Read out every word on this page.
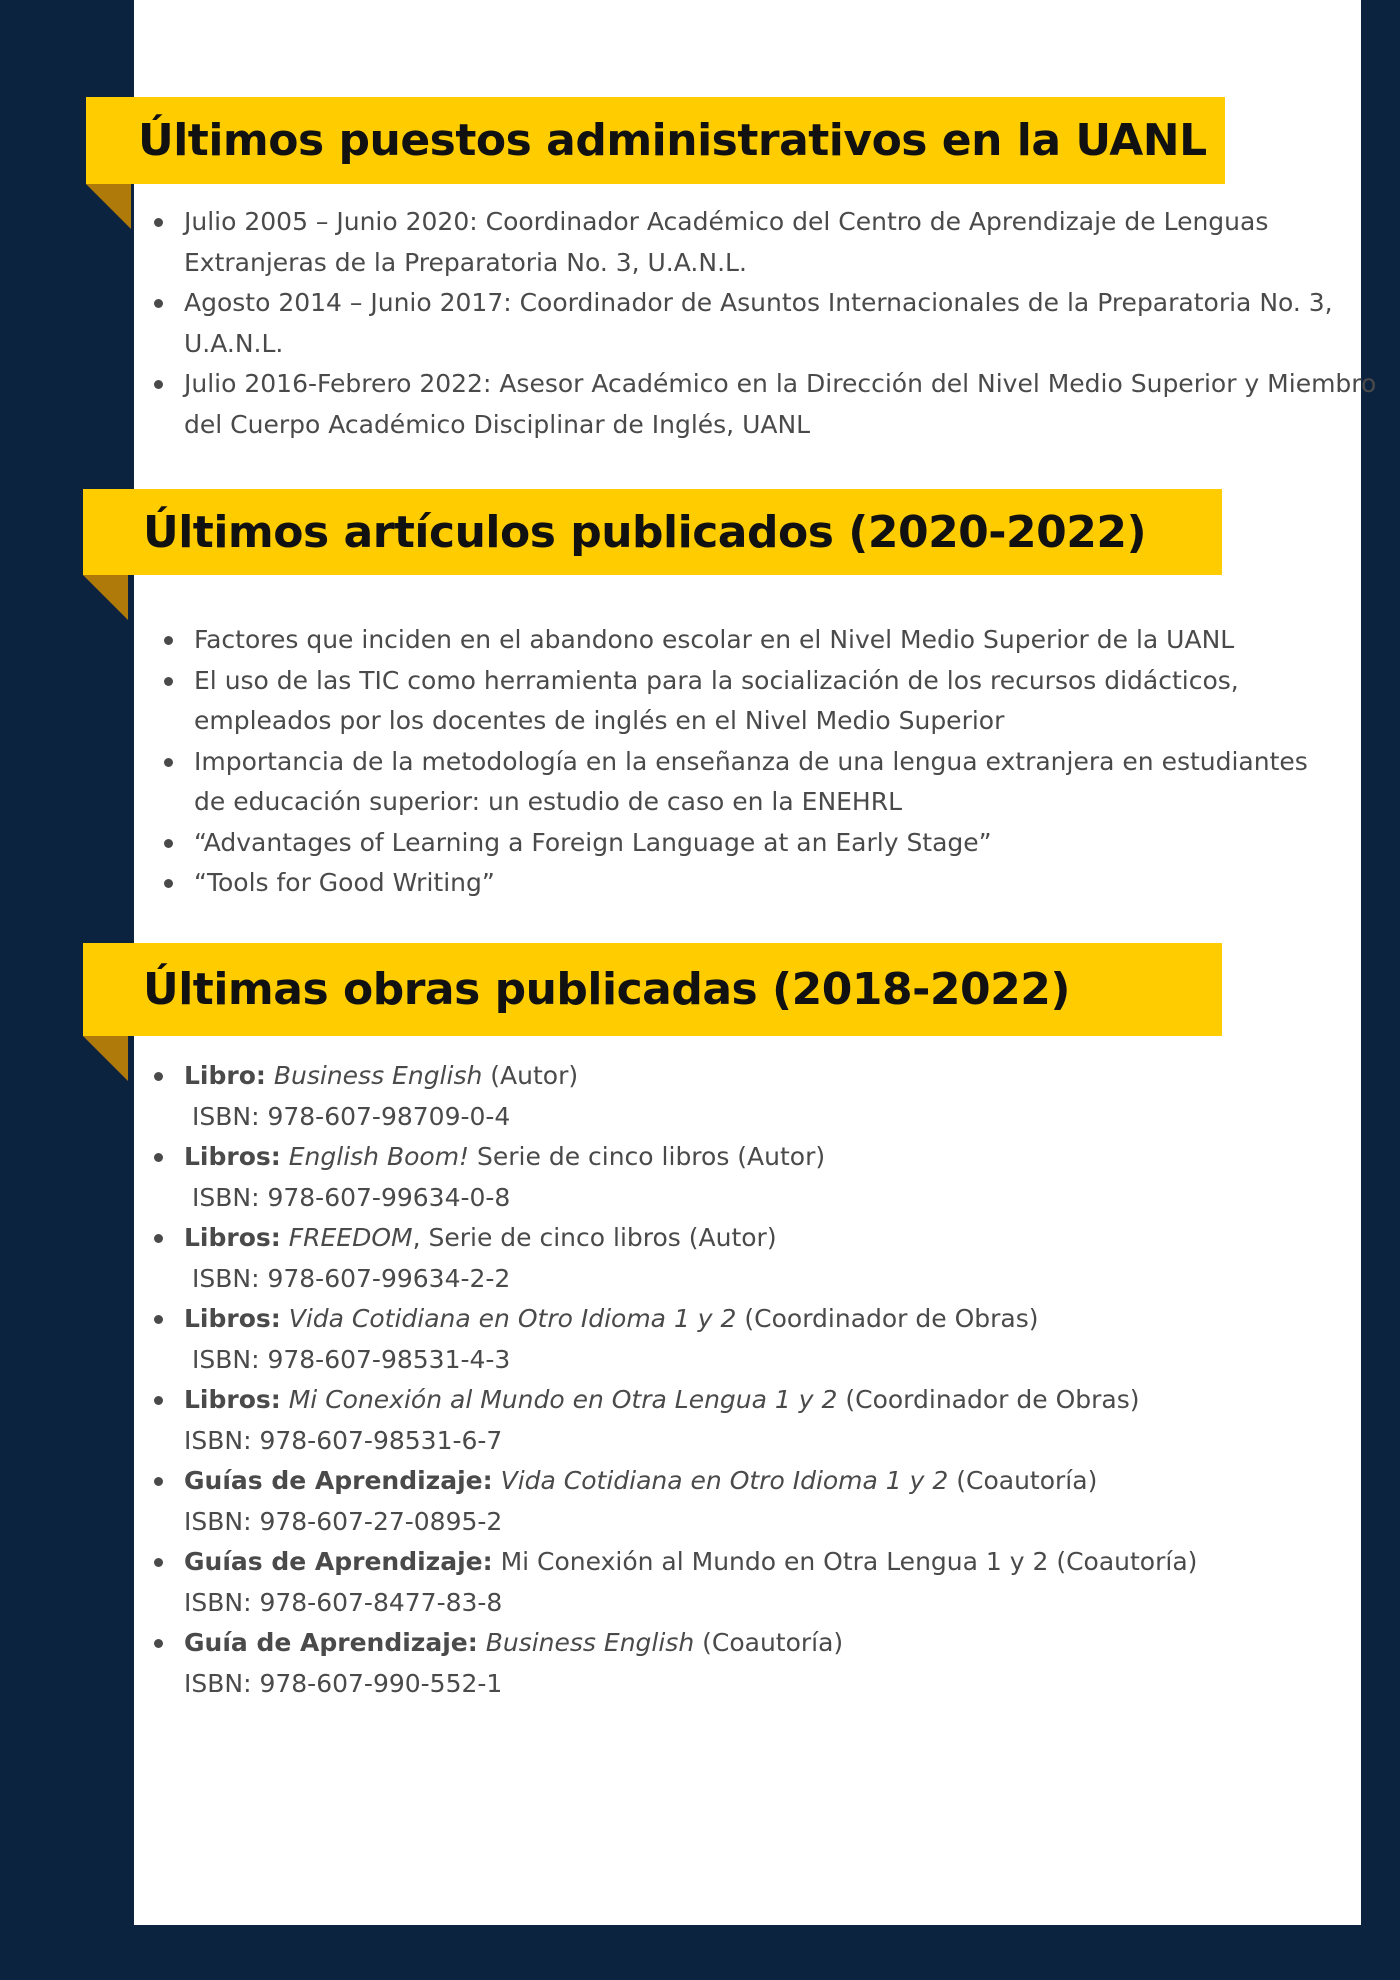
Últimos puestos administrativos en la UANL
Julio 2005 – Junio 2020: Coordinador Académico del Centro de Aprendizaje de Lenguas Extranjeras de la Preparatoria No. 3, U.A.N.L.
Agosto 2014 – Junio 2017: Coordinador de Asuntos Internacionales de la Preparatoria No. 3, U.A.N.L.
Julio 2016-Febrero 2022: Asesor Académico en la Dirección del Nivel Medio Superior y Miembro del Cuerpo Académico Disciplinar de Inglés, UANL
Últimos artículos publicados (2020-2022)
Factores que inciden en el abandono escolar en el Nivel Medio Superior de la UANL
El uso de las TIC como herramienta para la socialización de los recursos didácticos, empleados por los docentes de inglés en el Nivel Medio Superior
Importancia de la metodología en la enseñanza de una lengua extranjera en estudiantes de educación superior: un estudio de caso en la ENEHRL
“Advantages of Learning a Foreign Language at an Early Stage”
“Tools for Good Writing”
Últimas obras publicadas (2018-2022)
Libro: Business English (Autor)
ISBN: 978-607-98709-0-4
Libros: English Boom! Serie de cinco libros (Autor)
ISBN: 978-607-99634-0-8
Libros: FREEDOM, Serie de cinco libros (Autor)
ISBN: 978-607-99634-2-2
Libros: Vida Cotidiana en Otro Idioma 1 y 2 (Coordinador de Obras)
ISBN: 978-607-98531-4-3
Libros: Mi Conexión al Mundo en Otra Lengua 1 y 2 (Coordinador de Obras)
ISBN: 978-607-98531-6-7
Guías de Aprendizaje: Vida Cotidiana en Otro Idioma 1 y 2 (Coautoría)
ISBN: 978-607-27-0895-2
Guías de Aprendizaje: Mi Conexión al Mundo en Otra Lengua 1 y 2 (Coautoría)
ISBN: 978-607-8477-83-8
Guía de Aprendizaje: Business English (Coautoría)
ISBN: 978-607-990-552-1
